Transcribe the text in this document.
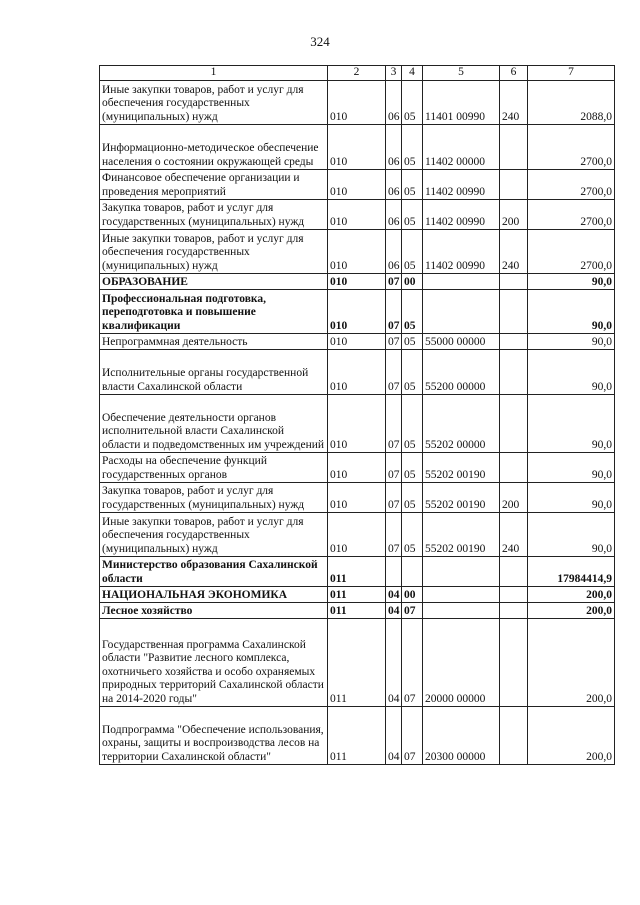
324
1	2	3	4	5	6	7
Иные закупки товаров, работ и услуг для обеспечения государственных (муниципальных) нужд	010	06	05	11401 00990	240	2088,0
Информационно-методическое обеспечение населения о состоянии окружающей среды	010	06	05	11402 00000		2700,0
Финансовое обеспечение организации и проведения мероприятий	010	06	05	11402 00990		2700,0
Закупка товаров, работ и услуг для государственных (муниципальных) нужд	010	06	05	11402 00990	200	2700,0
Иные закупки товаров, работ и услуг для обеспечения государственных (муниципальных) нужд	010	06	05	11402 00990	240	2700,0
ОБРАЗОВАНИЕ	010	07	00			90,0
Профессиональная подготовка, переподготовка и повышение квалификации	010	07	05			90,0
Непрограммная деятельность	010	07	05	55000 00000		90,0
Исполнительные органы государственной власти Сахалинской области	010	07	05	55200 00000		90,0
Обеспечение деятельности органов исполнительной власти Сахалинской области и подведомственных им учреждений	010	07	05	55202 00000		90,0
Расходы на обеспечение функций государственных органов	010	07	05	55202 00190		90,0
Закупка товаров, работ и услуг для государственных (муниципальных) нужд	010	07	05	55202 00190	200	90,0
Иные закупки товаров, работ и услуг для обеспечения государственных (муниципальных) нужд	010	07	05	55202 00190	240	90,0
Министерство образования Сахалинской области	011					17984414,9
НАЦИОНАЛЬНАЯ ЭКОНОМИКА	011	04	00			200,0
Лесное хозяйство	011	04	07			200,0
Государственная программа Сахалинской области "Развитие лесного комплекса, охотничьего хозяйства и особо охраняемых природных территорий Сахалинской области на 2014-2020 годы"	011	04	07	20000 00000		200,0
Подпрограмма "Обеспечение использования, охраны, защиты и воспроизводства лесов на территории Сахалинской области"	011	04	07	20300 00000		200,0
